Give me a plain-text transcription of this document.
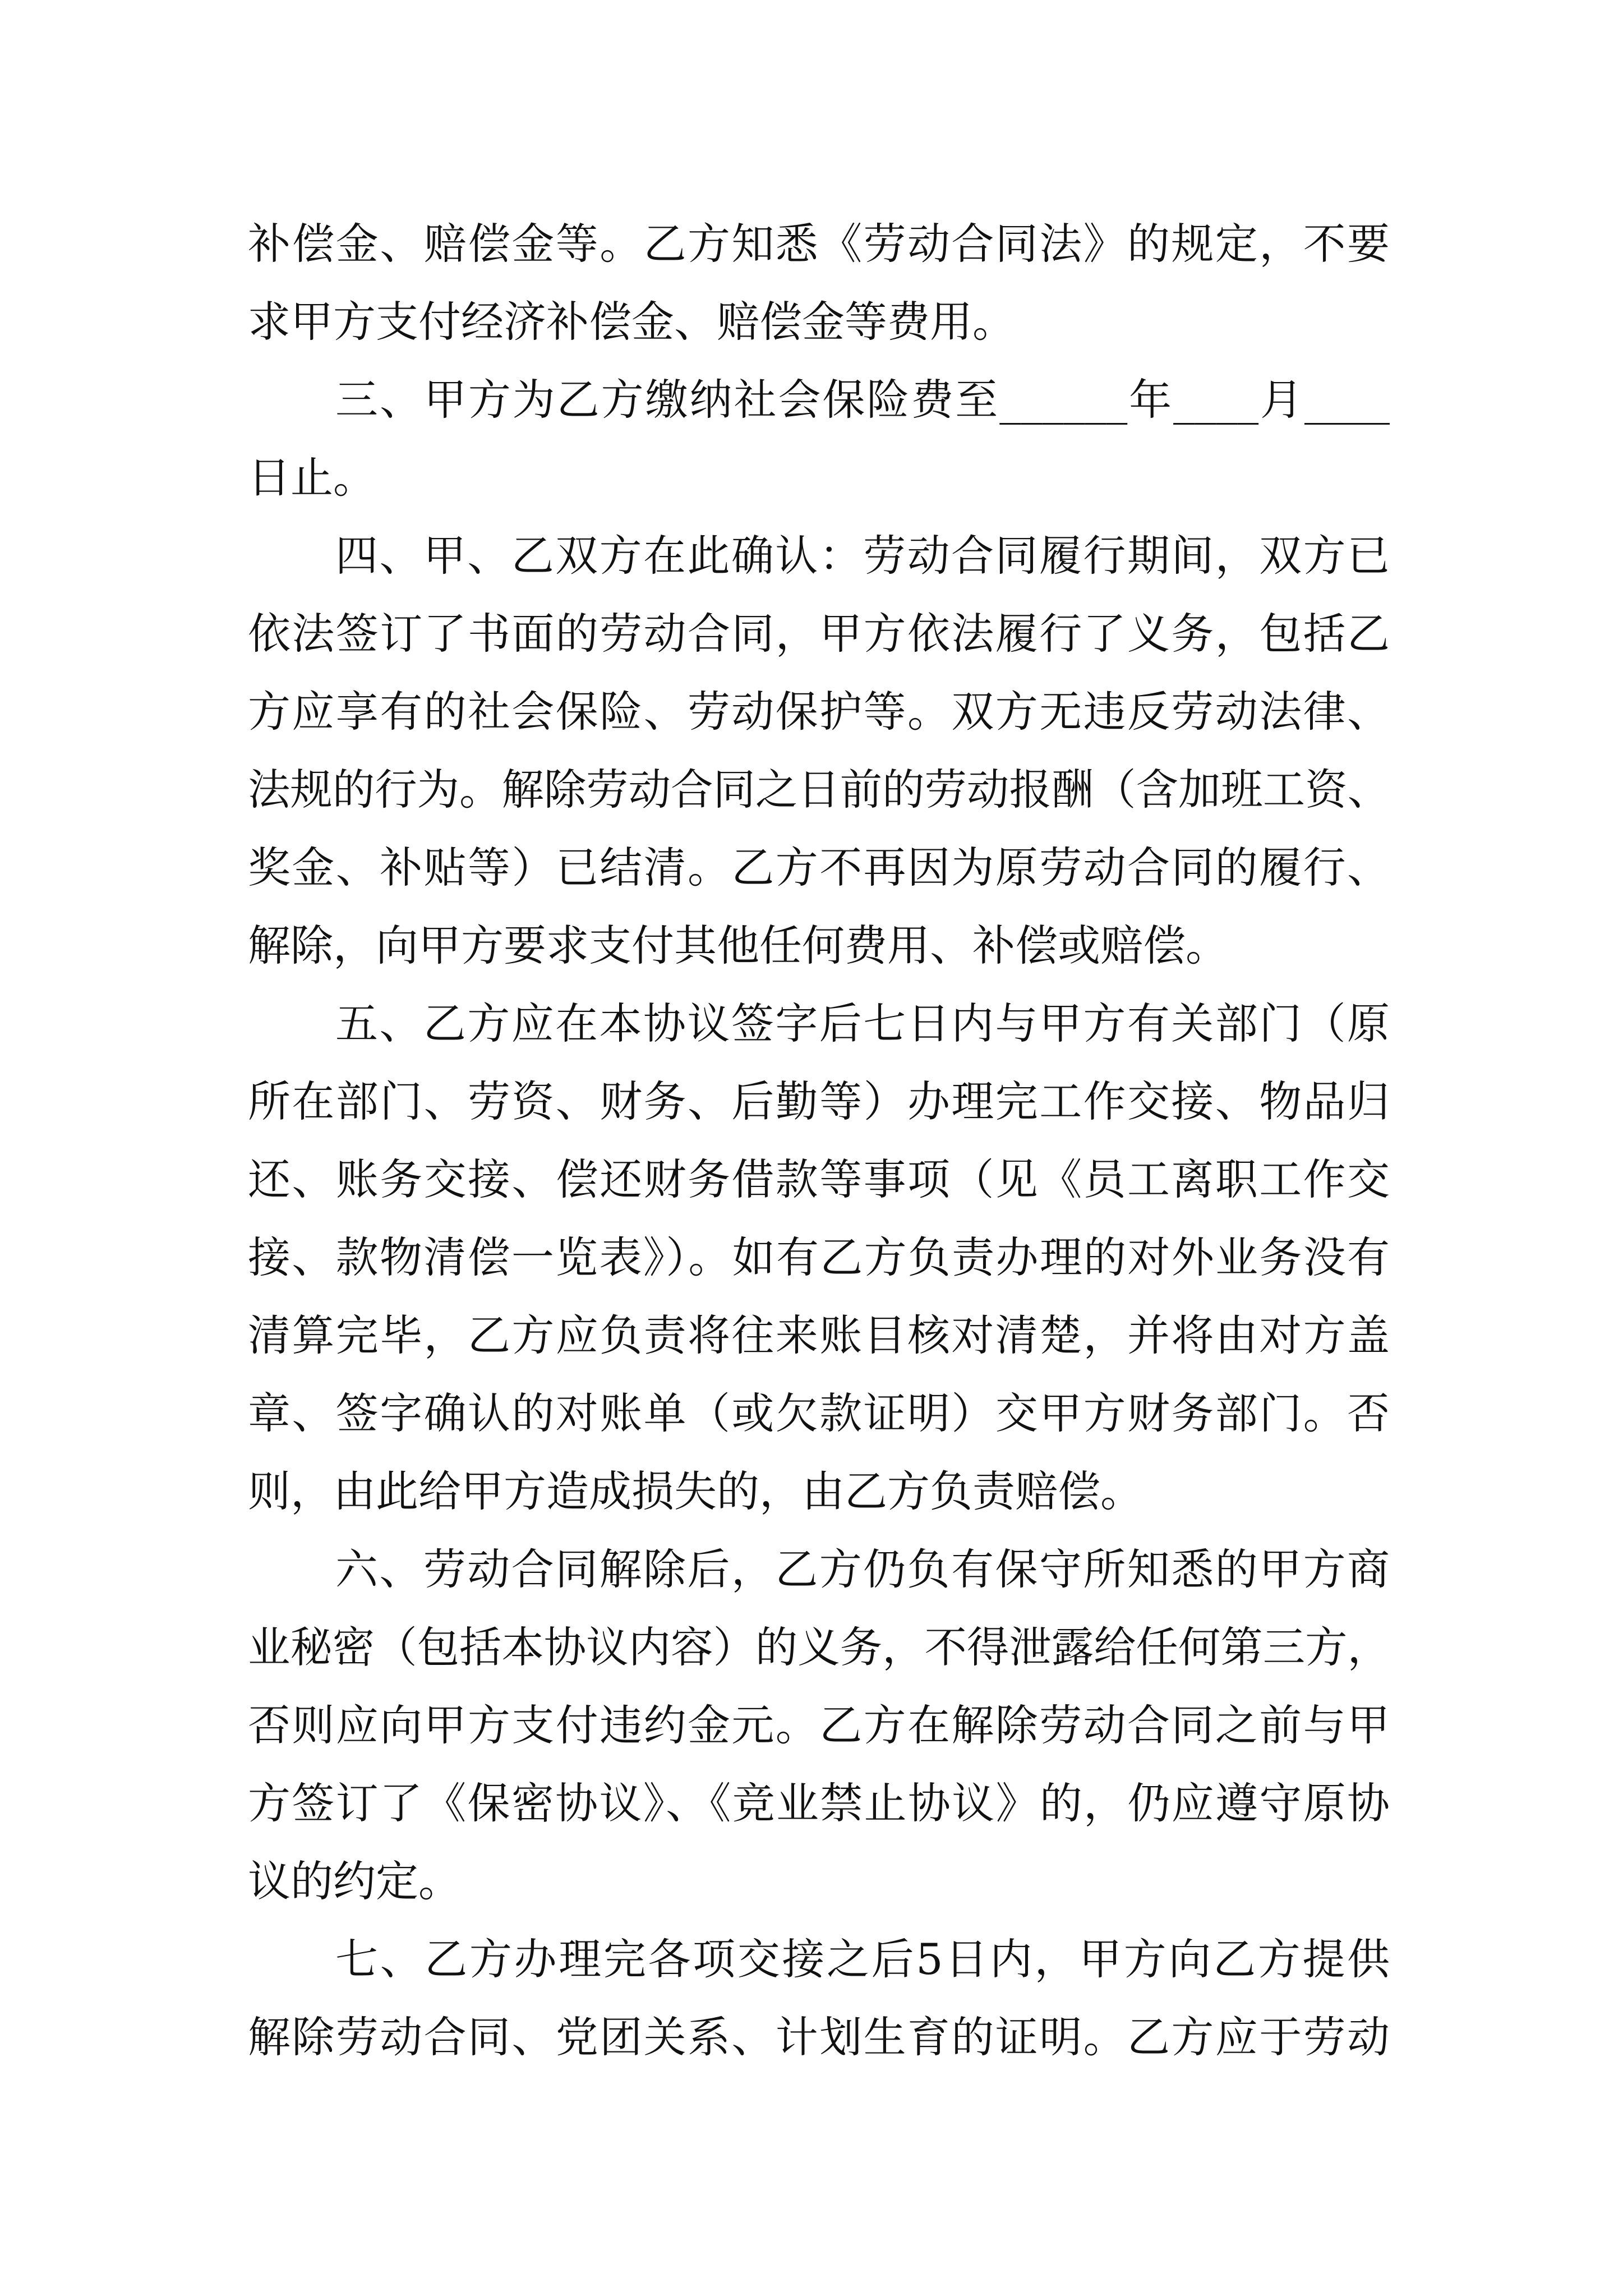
补偿金、赔偿金等。乙方知悉《劳动合同法》的规定，不要
求甲方支付经济补偿金、赔偿金等费用。
三、甲方为乙方缴纳社会保险费至______年____月____
日止。
四、甲、乙双方在此确认：劳动合同履行期间，双方已
依法签订了书面的劳动合同，甲方依法履行了义务，包括乙
方应享有的社会保险、劳动保护等。双方无违反劳动法律、
法规的行为。解除劳动合同之日前的劳动报酬（含加班工资、
奖金、补贴等）已结清。乙方不再因为原劳动合同的履行、
解除，向甲方要求支付其他任何费用、补偿或赔偿。
五、乙方应在本协议签字后七日内与甲方有关部门（原
所在部门、劳资、财务、后勤等）办理完工作交接、物品归
还、账务交接、偿还财务借款等事项（见《员工离职工作交
接、款物清偿一览表》）。如有乙方负责办理的对外业务没有
清算完毕，乙方应负责将往来账目核对清楚，并将由对方盖
章、签字确认的对账单（或欠款证明）交甲方财务部门。否
则，由此给甲方造成损失的，由乙方负责赔偿。
六、劳动合同解除后，乙方仍负有保守所知悉的甲方商
业秘密（包括本协议内容）的义务，不得泄露给任何第三方，
否则应向甲方支付违约金元。乙方在解除劳动合同之前与甲
方签订了《保密协议》、《竞业禁止协议》的，仍应遵守原协
议的约定。
七、乙方办理完各项交接之后5日内，甲方向乙方提供
解除劳动合同、党团关系、计划生育的证明。乙方应于劳动
